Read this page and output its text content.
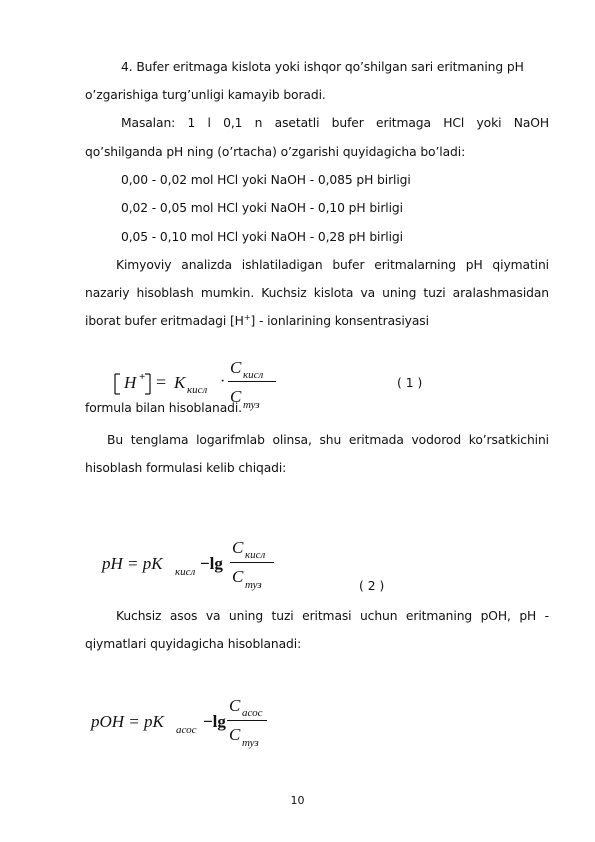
4. Bufer eritmaga kislota yoki ishqor qo’shilgan sari eritmaning pH
o’zgarishiga turg’unligi kamayib boradi.
Masalan: 1 l 0,1 n asetatli bufer eritmaga HCl yoki NaOH
qo’shilganda pH ning (o’rtacha) o’zgarishi quyidagicha bo’ladi:
0,00 - 0,02 mol HCl yoki NaOH - 0,085 pH birligi
0,02 - 0,05 mol HCl yoki NaOH - 0,10 pH birligi
0,05 - 0,10 mol HCl yoki NaOH - 0,28 pH birligi
Kimyoviy analizda ishlatiladigan bufer eritmalarning pH qiymatini
nazariy hisoblash mumkin. Kuchsiz kislota va uning tuzi aralashmasidan
iborat bufer eritmadagi [H+] - ionlarining konsentrasiyasi
H + = K кисл ·
C кисл
C туз
( 1 )
formula bilan hisoblanadi.
Bu tenglama logarifmlab olinsa, shu eritmada vodorod ko’rsatkichini
hisoblash formulasi kelib chiqadi:
pH = pK кисл −lg
C кисл
C туз	( 2 )
Kuchsiz asos va uning tuzi eritmasi uchun eritmaning pOH, pH -
qiymatlari quyidagicha hisoblanadi:
pOH = pK асос −lg
C асос
C туз
10
